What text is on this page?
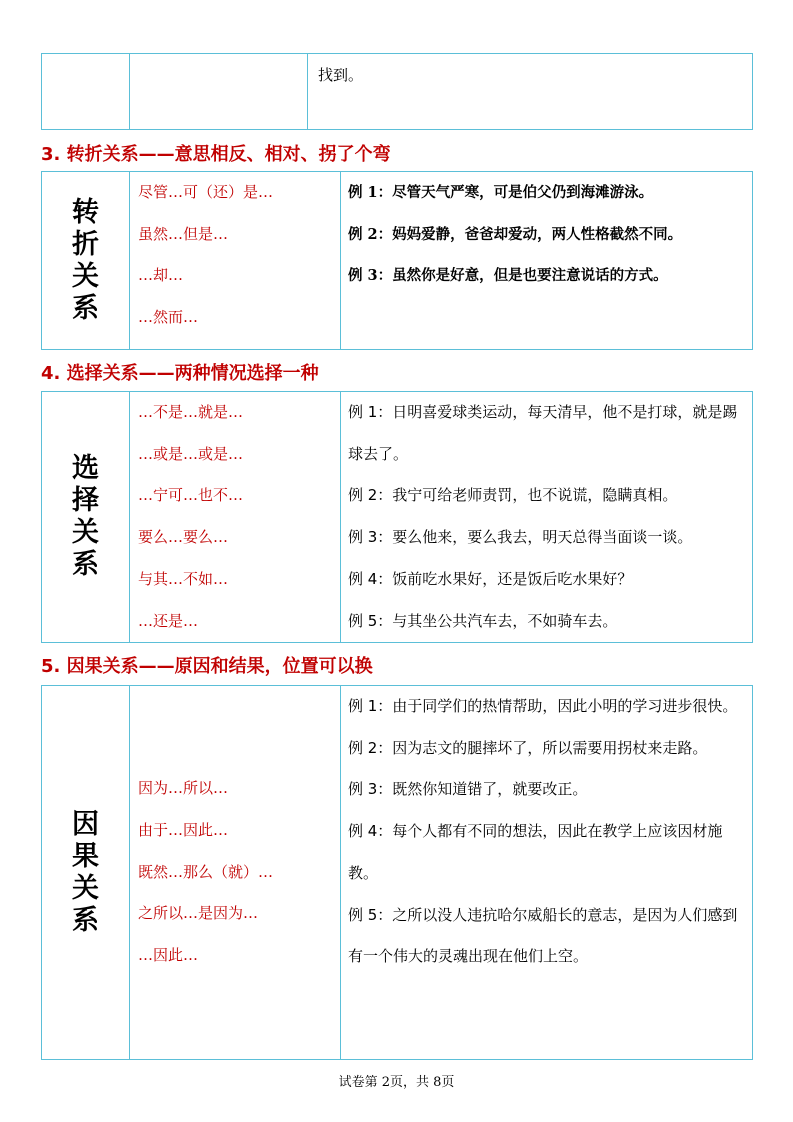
找到。
3. 转折关系——意思相反、相对、拐了个弯
转折关系
尽管…可（还）是…
虽然…但是…
…却…
…然而…
例 1：尽管天气严寒，可是伯父仍到海滩游泳。
例 2：妈妈爱静，爸爸却爱动，两人性格截然不同。
例 3：虽然你是好意，但是也要注意说话的方式。
4. 选择关系——两种情况选择一种
选择关系
…不是…就是…
…或是…或是…
…宁可…也不…
要么…要么…
与其…不如…
…还是…
例 1：日明喜爱球类运动，每天清早，他不是打球，就是踢球去了。
例 2：我宁可给老师责罚，也不说谎，隐瞒真相。
例 3：要么他来，要么我去，明天总得当面谈一谈。
例 4：饭前吃水果好，还是饭后吃水果好？
例 5：与其坐公共汽车去，不如骑车去。
5. 因果关系——原因和结果，位置可以换
因果关系
因为…所以…
由于…因此…
既然…那么（就）…
之所以…是因为…
…因此…
例 1：由于同学们的热情帮助，因此小明的学习进步很快。
例 2：因为志文的腿摔坏了，所以需要用拐杖来走路。
例 3：既然你知道错了，就要改正。
例 4：每个人都有不同的想法，因此在教学上应该因材施教。
例 5：之所以没人违抗哈尔威船长的意志，是因为人们感到有一个伟大的灵魂出现在他们上空。
试卷第 2页，共 8页
